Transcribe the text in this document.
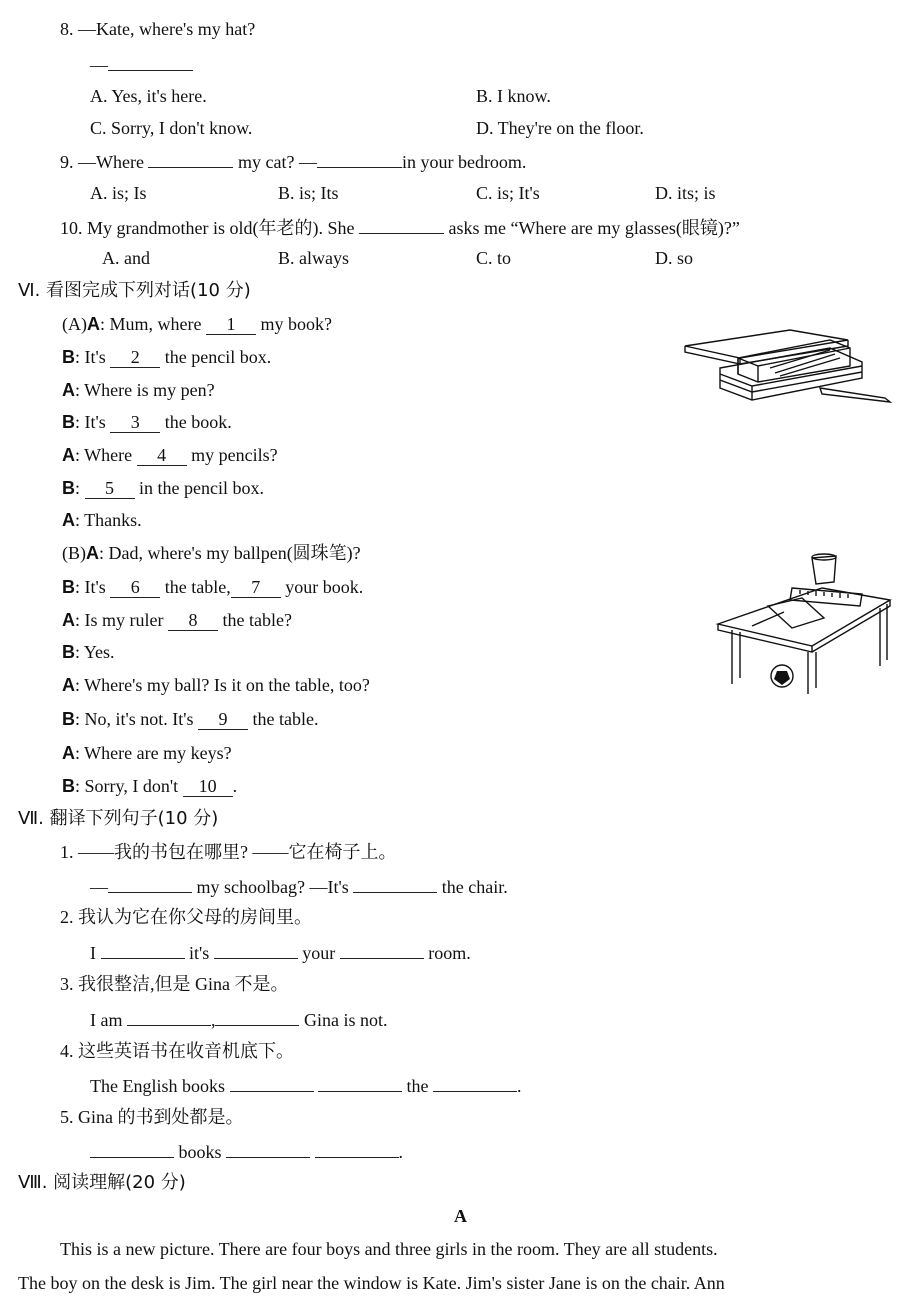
8. —Kate, where's my hat?
—
A. Yes, it's here.	B. I know.
C. Sorry, I don't know.	D. They're on the floor.
9. —Where	my cat? —	in your bedroom.
A. is; Is	B. is; Its	C. is; It's	D. its; is
10. My grandmother is old(年老的). She	asks me “Where are my glasses(眼镜)?”
A. and	B. always	C. to	D. so
Ⅵ. 看图完成下列对话(10 分)
(A)A: Mum, where 1 my book?
B: It's 2 the pencil box.
A: Where is my pen?
B: It's 3 the book.
A: Where 4 my pencils?
B: 5 in the pencil box.
A: Thanks.
(B)A: Dad, where's my ballpen(圆珠笔)?
B: It's 6 the table, 7 your book.
A: Is my ruler 8 the table?
B: Yes.
A: Where's my ball? Is it on the table, too?
B: No, it's not. It's 9 the table.
A: Where are my keys?
B: Sorry, I don't 10 .
Ⅶ. 翻译下列句子(10 分)
1. ——我的书包在哪里? ——它在椅子上。
—	my schoolbag? —It's	the chair.
2. 我认为它在你父母的房间里。
I	it's	your	room.
3. 我很整洁,但是 Gina 不是。
I am	,	Gina is not.
4. 这些英语书在收音机底下。
The English books	the	.
5. Gina 的书到处都是。
books	.
Ⅷ. 阅读理解(20 分)
A
This is a new picture. There are four boys and three girls in the room. They are all students.
The boy on the desk is Jim. The girl near the window is Kate. Jim's sister Jane is on the chair. Ann
